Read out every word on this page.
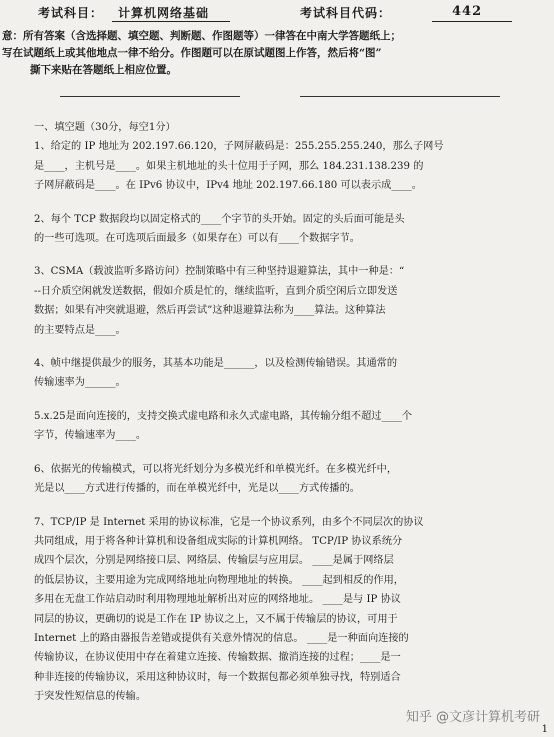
考试科目： 计算机网络基础	考试科目代码：	442
意：所有答案（含选择题、填空题、判断题、作图题等）一律答在中南大学答题纸上；
写在试题纸上或其他地点一律不给分。作图题可以在原试题图上作答，然后将“图”
撕下来贴在答题纸上相应位置。

一、填空题（30分，每空1分）

1、给定的 IP 地址为 202.197.66.120，子网屏蔽码是：255.255.255.240，那么子网号

是____，主机号是____。如果主机地址的头十位用于子网，那么 184.231.138.239 的

子网屏蔽码是____。在 IPv6 协议中，IPv4 地址 202.197.66.180 可以表示成____。

2、每个 TCP 数据段均以固定格式的____个字节的头开始。固定的头后面可能是头

的一些可选项。在可选项后面最多（如果存在）可以有____个数据字节。

3、CSMA（载波监听多路访问）控制策略中有三种坚持退避算法，其中一种是：“

--日介质空闲就发送数据，假如介质是忙的，继续监听，直到介质空闲后立即发送

数据；如果有冲突就退避，然后再尝试”这种退避算法称为____算法。这种算法

的主要特点是____。

4、帧中继提供最少的服务，其基本功能是______，以及检测传输错误。其通常的

传输速率为______。

5.x.25是面向连接的，支持交换式虚电路和永久式虚电路，其传输分组不超过____个

字节，传输速率为____。

6、依据光的传输模式，可以将光纤划分为多模光纤和单模光纤。在多模光纤中，

光是以____方式进行传播的，而在单模光纤中，光是以____方式传播的。

7、TCP/IP 是 Internet 采用的协议标准，它是一个协议系列，由多个不同层次的协议

共同组成，用于将各种计算机和设备组成实际的计算机网络。 TCP/IP 协议系统分

成四个层次，分别是网络接口层、网络层、传输层与应用层。 ____是属于网络层

的低层协议，主要用途为完成网络地址向物理地址的转换。 ____起到相反的作用，

多用在无盘工作站启动时利用物理地址解析出对应的网络地址。 ____是与 IP 协议

同层的协议，更确切的说是工作在 IP 协议之上，又不属于传输层的协议，可用于

Internet 上的路由器报告差错或提供有关意外情况的信息。 ____是一种面向连接的

传输协议，在协议使用中存在着建立连接、传输数据、撤消连接的过程；____是一

种非连接的传输协议，采用这种协议时，每一个数据包都必须单独寻找，特别适合

于突发性短信息的传输。

知乎 @文彦计算机考研
1
